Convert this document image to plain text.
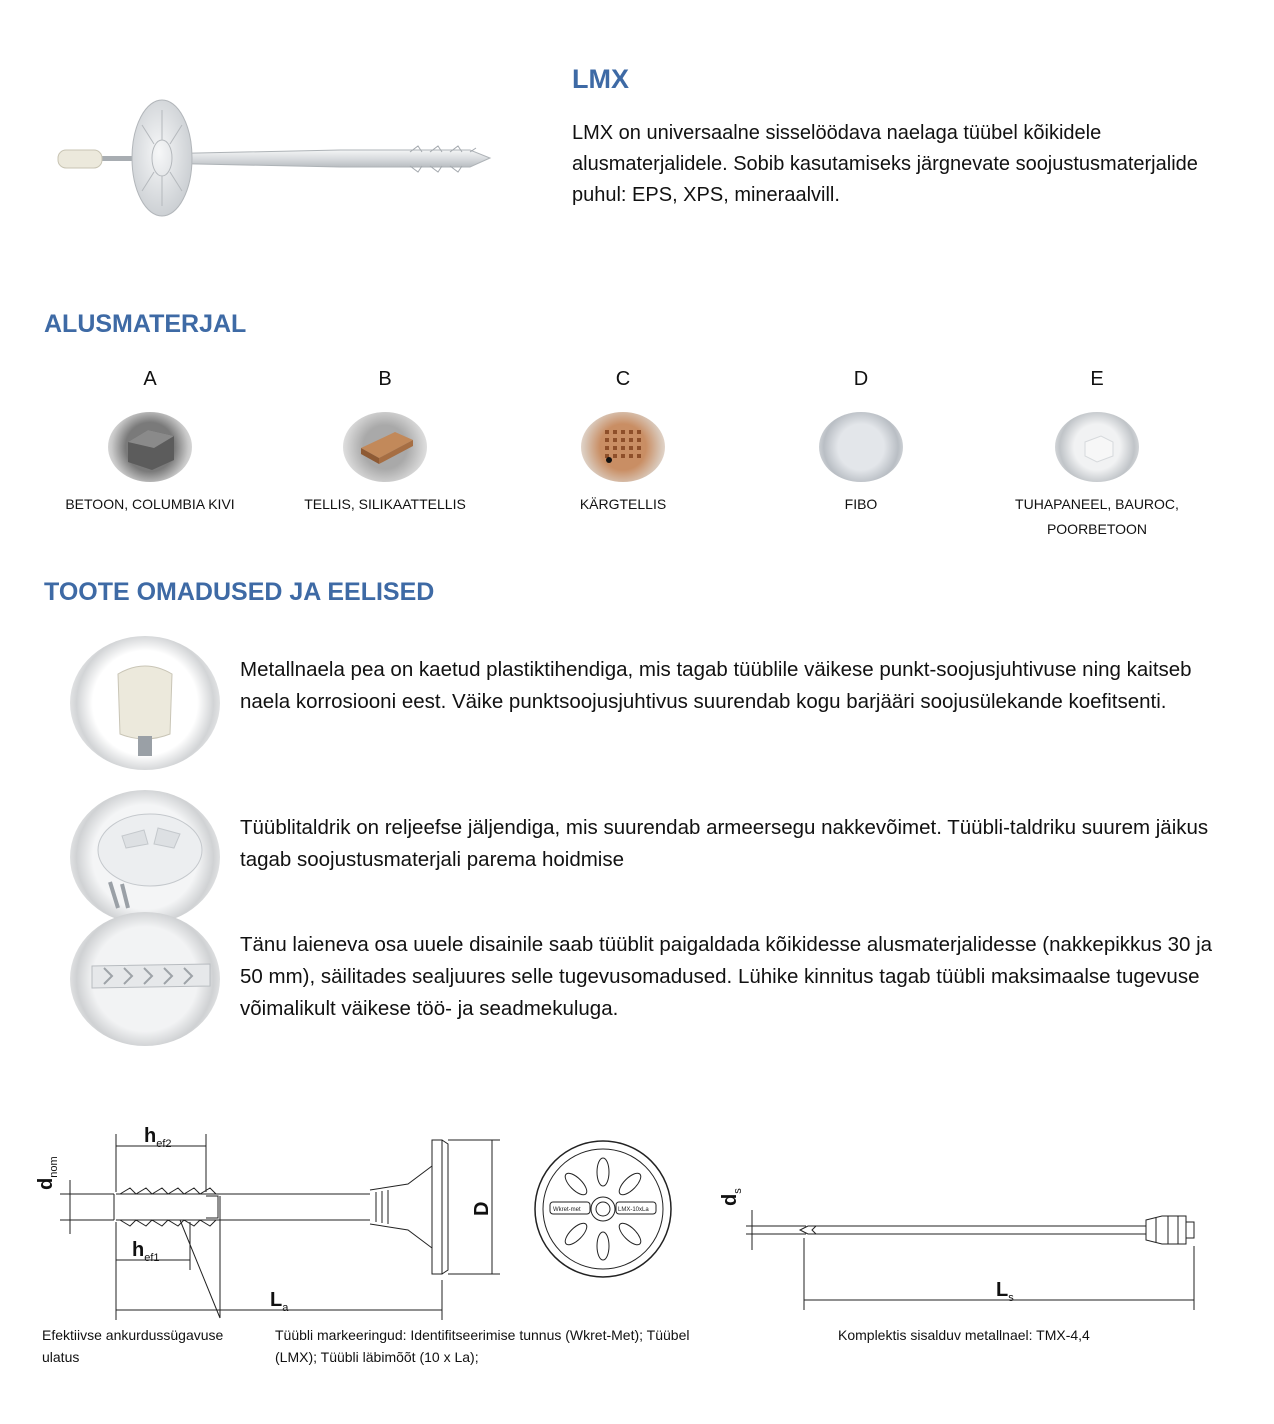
LMX
LMX on universaalne sisselöödava naelaga tüübel kõikidele alusmaterjalidele. Sobib kasutamiseks järgnevate soojustusmaterjalide puhul: EPS, XPS, mineraalvill.
ALUSMATERJAL
A
BETOON, COLUMBIA KIVI
B
TELLIS, SILIKAATTELLIS
C
KÄRGTELLIS
D
FIBO
E
TUHAPANEEL, BAUROC, POORBETOON
TOOTE OMADUSED JA EELISED
Metallnaela pea on kaetud plastiktihendiga, mis tagab tüüblile väikese punkt-soojusjuhtivuse ning kaitseb naela korrosiooni eest. Väike punktsoojusjuhtivus suurendab kogu barjääri soojusülekande koefitsenti.
Tüüblitaldrik on reljeefse jäljendiga, mis suurendab armeersegu nakkevõimet. Tüübli-taldriku suurem jäikus tagab soojustusmaterjali parema hoidmise
Tänu laieneva osa uuele disainile saab tüüblit paigaldada kõikidesse alusmaterjalidesse (nakkepikkus 30 ja 50 mm), säilitades sealjuures selle tugevusomadused. Lühike kinnitus tagab tüübli maksimaalse tugevuse võimalikult väikese töö- ja seadmekuluga.
$h_{ef2}$
$h_{ef1}$
$L_a$
$d_{nom}$
D	Wkret-met	LMX-10xLa
$L_s$
$d_s$
Efektiivse ankurdussügavuse ulatus
Tüübli markeeringud: Identifitseerimise tunnus (Wkret-Met); Tüübel (LMX); Tüübli läbimõõt (10 x La);
Komplektis sisalduv metallnael: TMX-4,4
